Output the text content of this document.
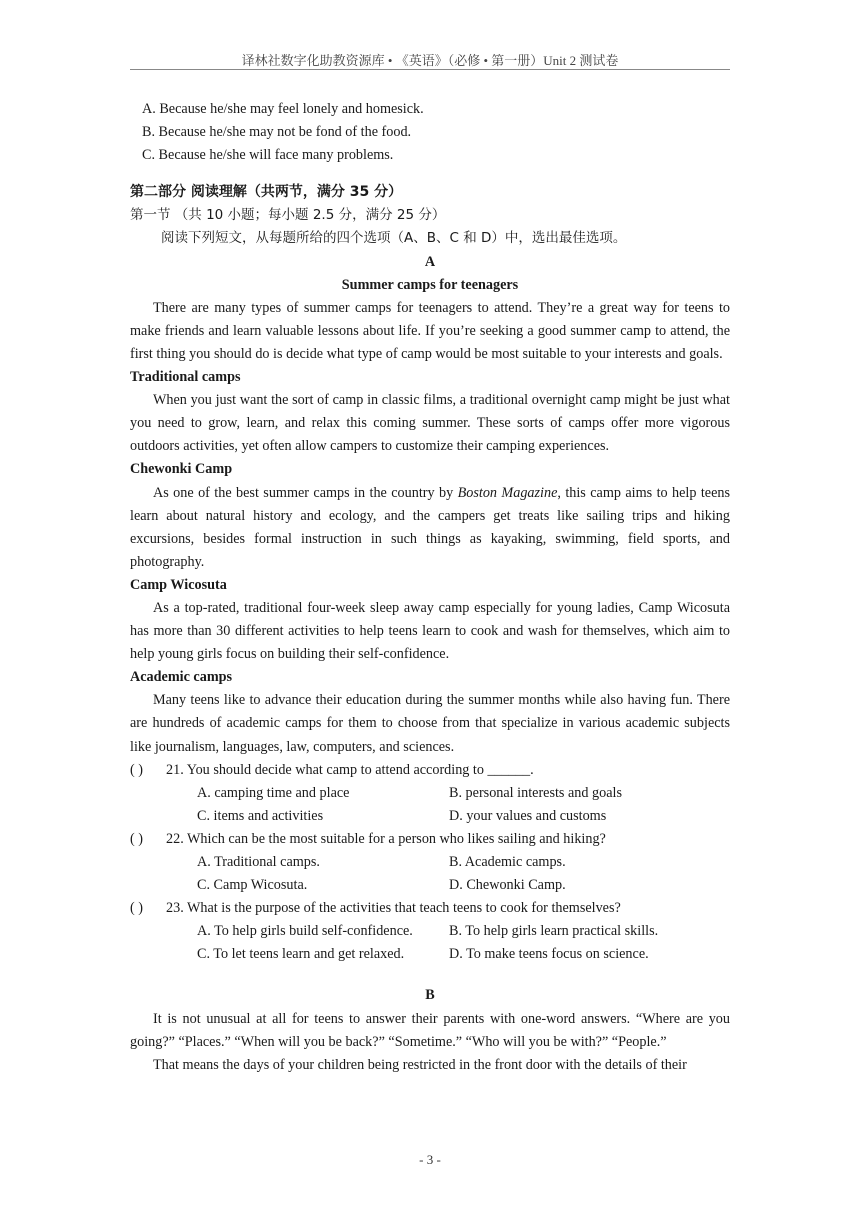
译林社数字化助教资源库 • 《英语》（必修 • 第一册）Unit 2 测试卷
A. Because he/she may feel lonely and homesick.
B. Because he/she may not be fond of the food.
C. Because he/she will face many problems.
第二部分 阅读理解（共两节，满分 35 分）
第一节 （共 10 小题；每小题 2.5 分，满分 25 分）
阅读下列短文，从每题所给的四个选项（A、B、C 和 D）中，选出最佳选项。
A
Summer camps for teenagers
There are many types of summer camps for teenagers to attend. They’re a great way for teens to make friends and learn valuable lessons about life. If you’re seeking a good summer camp to attend, the first thing you should do is decide what type of camp would be most suitable to your interests and goals.
Traditional camps
When you just want the sort of camp in classic films, a traditional overnight camp might be just what you need to grow, learn, and relax this coming summer. These sorts of camps offer more vigorous outdoors activities, yet often allow campers to customize their camping experiences.
Chewonki Camp
As one of the best summer camps in the country by Boston Magazine, this camp aims to help teens learn about natural history and ecology, and the campers get treats like sailing trips and hiking excursions, besides formal instruction in such things as kayaking, swimming, field sports, and photography.
Camp Wicosuta
As a top-rated, traditional four-week sleep away camp especially for young ladies, Camp Wicosuta has more than 30 different activities to help teens learn to cook and wash for themselves, which aim to help young girls focus on building their self-confidence.
Academic camps
Many teens like to advance their education during the summer months while also having fun. There are hundreds of academic camps for them to choose from that specialize in various academic subjects like journalism, languages, law, computers, and sciences.
( ) 21. You should decide what camp to attend according to ______.
A. camping time and place	B. personal interests and goals
C. items and activities	D. your values and customs
( ) 22. Which can be the most suitable for a person who likes sailing and hiking?
A. Traditional camps.	B. Academic camps.
C. Camp Wicosuta.	D. Chewonki Camp.
( ) 23. What is the purpose of the activities that teach teens to cook for themselves?
A. To help girls build self-confidence.	B. To help girls learn practical skills.
C. To let teens learn and get relaxed.	D. To make teens focus on science.
B
It is not unusual at all for teens to answer their parents with one-word answers. “Where are you going?” “Places.” “When will you be back?” “Sometime.” “Who will you be with?” “People.”
That means the days of your children being restricted in the front door with the details of their
- 3 -
